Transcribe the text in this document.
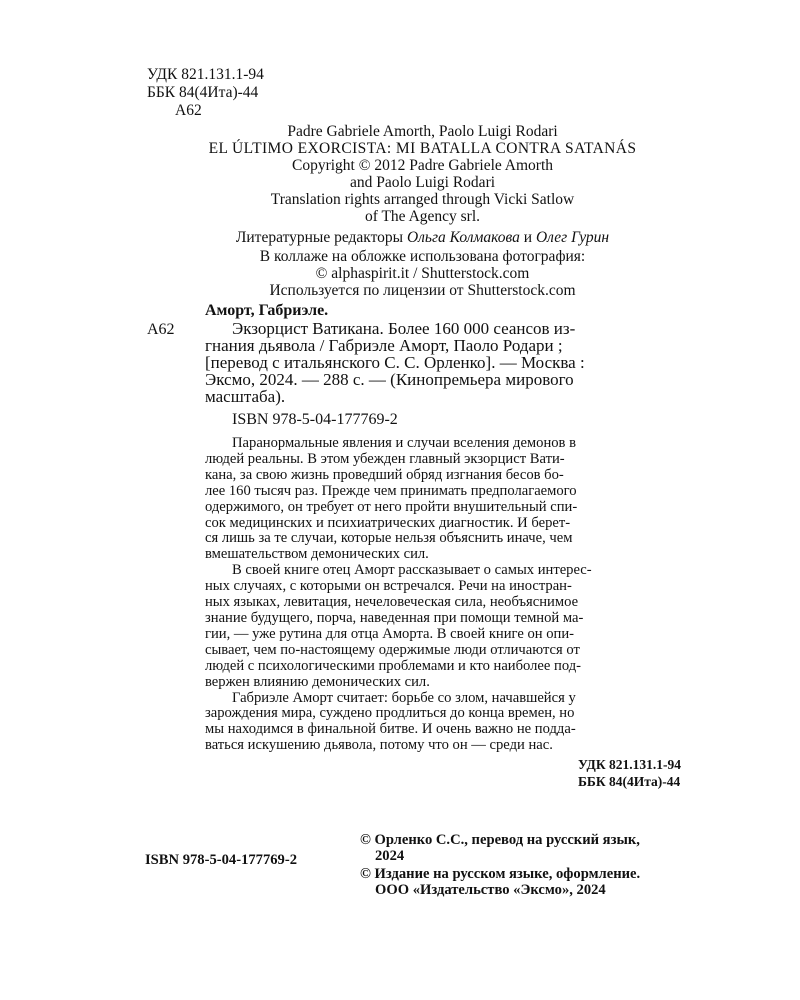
УДК 821.131.1-94
ББК 84(4Ита)-44
А62
Padre Gabriele Amorth, Paolo Luigi Rodari
EL ÚLTIMO EXORCISTA: MI BATALLA CONTRA SATANÁS
Copyright © 2012 Padre Gabriele Amorth
and Paolo Luigi Rodari
Translation rights arranged through Vicki Satlow
of The Agency srl.
Литературные редакторы Ольга Колмакова и Олег Гурин
В коллаже на обложке использована фотография:
© alphaspirit.it / Shutterstock.com
Используется по лицензии от Shutterstock.com
Аморт, Габриэле.
А62	Экзорцист Ватикана. Более 160 000 сеансов из-
гнания дьявола / Габриэле Аморт, Паоло Родари ;
[перевод с итальянского С. С. Орленко]. — Москва :
Эксмо, 2024. — 288 с. — (Кинопремьера мирового
масштаба).
ISBN 978-5-04-177769-2
Паранормальные явления и случаи вселения демонов в
людей реальны. В этом убежден главный экзорцист Вати-
кана, за свою жизнь проведший обряд изгнания бесов бо-
лее 160 тысяч раз. Прежде чем принимать предполагаемого
одержимого, он требует от него пройти внушительный спи-
сок медицинских и психиатрических диагностик. И берет-
ся лишь за те случаи, которые нельзя объяснить иначе, чем
вмешательством демонических сил.
В своей книге отец Аморт рассказывает о самых интерес-
ных случаях, с которыми он встречался. Речи на иностран-
ных языках, левитация, нечеловеческая сила, необъяснимое
знание будущего, порча, наведенная при помощи темной ма-
гии, — уже рутина для отца Аморта. В своей книге он опи-
сывает, чем по-настоящему одержимые люди отличаются от
людей с психологическими проблемами и кто наиболее под-
вержен влиянию демонических сил.
Габриэле Аморт считает: борьбе со злом, начавшейся у
зарождения мира, суждено продлиться до конца времен, но
мы находимся в финальной битве. И очень важно не подда-
ваться искушению дьявола, потому что он — среди нас.
УДК 821.131.1-94
ББК 84(4Ита)-44
© Орленко С.С., перевод на русский язык,
2024
© Издание на русском языке, оформление.
ООО «Издательство «Эксмо», 2024
ISBN 978-5-04-177769-2
